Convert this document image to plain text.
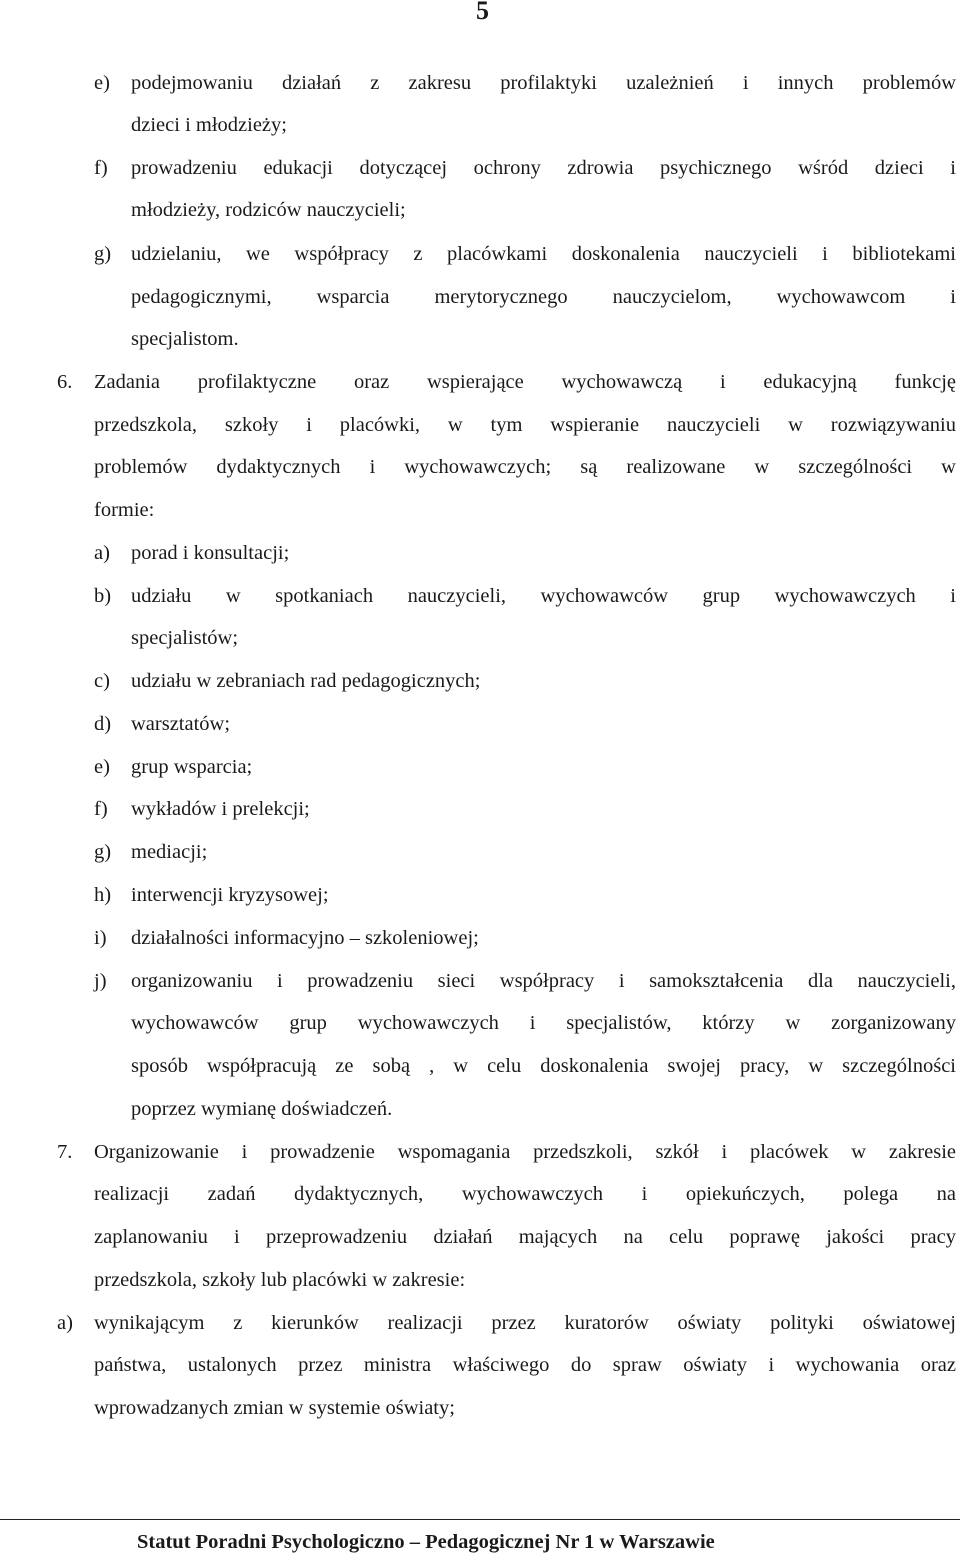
5
e) podejmowaniu działań z zakresu profilaktyki uzależnień i innych problemów
dzieci i młodzieży;
f) prowadzeniu edukacji dotyczącej ochrony zdrowia psychicznego wśród dzieci i
młodzieży, rodziców nauczycieli;
g) udzielaniu, we współpracy z placówkami doskonalenia nauczycieli i bibliotekami
pedagogicznymi, wsparcia merytorycznego nauczycielom, wychowawcom i
specjalistom.
6. Zadania profilaktyczne oraz wspierające wychowawczą i edukacyjną funkcję
przedszkola, szkoły i placówki, w tym wspieranie nauczycieli w rozwiązywaniu
problemów dydaktycznych i wychowawczych; są realizowane w szczególności w
formie:
a) porad i konsultacji;
b) udziału w spotkaniach nauczycieli, wychowawców grup wychowawczych i
specjalistów;
c) udziału w zebraniach rad pedagogicznych;
d) warsztatów;
e) grup wsparcia;
f) wykładów i prelekcji;
g) mediacji;
h) interwencji kryzysowej;
i) działalności informacyjno – szkoleniowej;
j) organizowaniu i prowadzeniu sieci współpracy i samokształcenia dla nauczycieli,
wychowawców grup wychowawczych i specjalistów, którzy w zorganizowany
sposób współpracują ze sobą , w celu doskonalenia swojej pracy, w szczególności
poprzez wymianę doświadczeń.
7. Organizowanie i prowadzenie wspomagania przedszkoli, szkół i placówek w zakresie
realizacji zadań dydaktycznych, wychowawczych i opiekuńczych, polega na
zaplanowaniu i przeprowadzeniu działań mających na celu poprawę jakości pracy
przedszkola, szkoły lub placówki w zakresie:
a) wynikającym z kierunków realizacji przez kuratorów oświaty polityki oświatowej
państwa, ustalonych przez ministra właściwego do spraw oświaty i wychowania oraz
wprowadzanych zmian w systemie oświaty;
Statut Poradni Psychologiczno – Pedagogicznej Nr 1 w Warszawie
